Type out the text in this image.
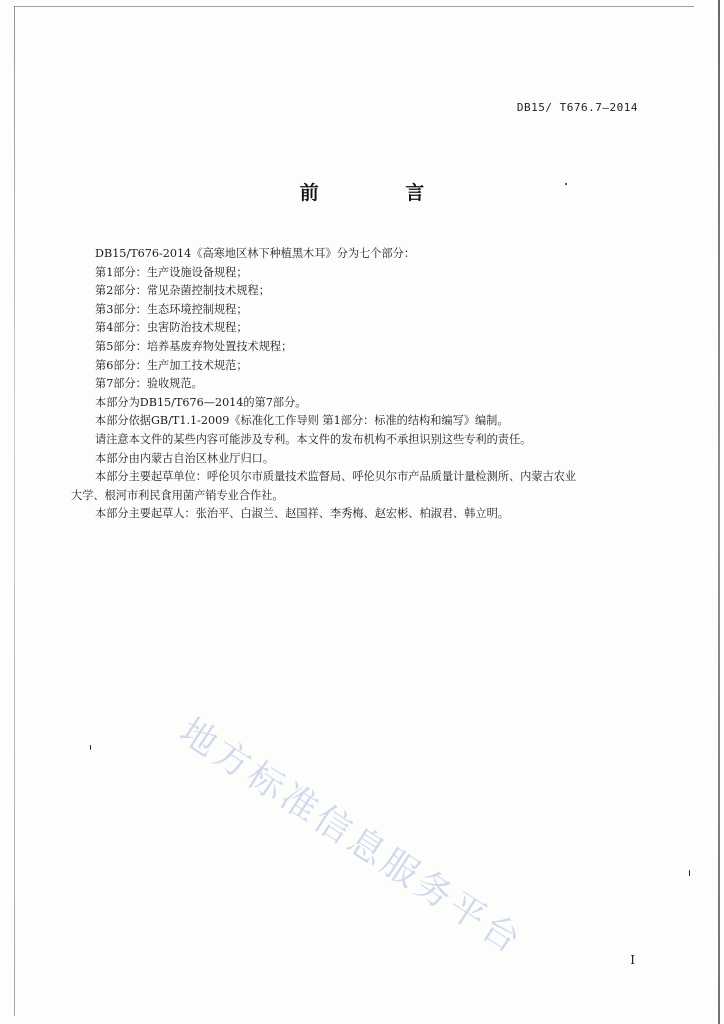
DB15/ T676.7—2014
前 言
DB15/T676-2014《高寒地区林下种植黑木耳》分为七个部分：
第1部分：生产设施设备规程；
第2部分：常见杂菌控制技术规程；
第3部分：生态环境控制规程；
第4部分：虫害防治技术规程；
第5部分：培养基废弃物处置技术规程；
第6部分：生产加工技术规范；
第7部分：验收规范。
本部分为DB15/T676—2014的第7部分。
本部分依据GB/T1.1-2009《标准化工作导则 第1部分：标准的结构和编写》编制。
请注意本文件的某些内容可能涉及专利。本文件的发布机构不承担识别这些专利的责任。
本部分由内蒙古自治区林业厅归口。
本部分主要起草单位：呼伦贝尔市质量技术监督局、呼伦贝尔市产品质量计量检测所、内蒙古农业
大学、根河市利民食用菌产销专业合作社。
本部分主要起草人：张治平、白淑兰、赵国祥、李秀梅、赵宏彬、柏淑君、韩立明。
地方标准信息服务平台	I
